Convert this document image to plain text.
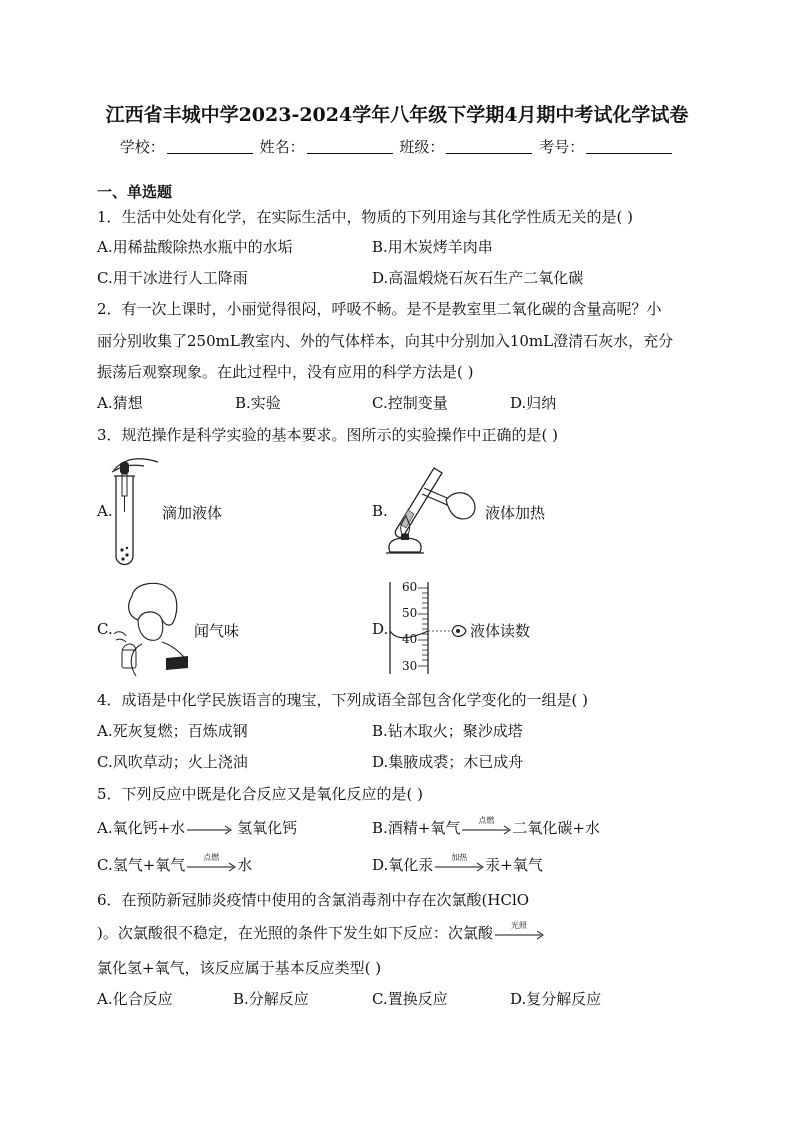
江西省丰城中学2023-2024学年八年级下学期4月期中考试化学试卷
学校：	姓名：	班级：	考号：
一、单选题
1．生活中处处有化学，在实际生活中，物质的下列用途与其化学性质无关的是( )
A.用稀盐酸除热水瓶中的水垢	B.用木炭烤羊肉串
C.用干冰进行人工降雨	D.高温煅烧石灰石生产二氧化碳
2．有一次上课时，小丽觉得很闷，呼吸不畅。是不是教室里二氧化碳的含量高呢？小
丽分别收集了250mL教室内、外的气体样本，向其中分别加入10mL澄清石灰水，充分
振荡后观察现象。在此过程中，没有应用的科学方法是( )
A.猜想	B.实验	C.控制变量	D.归纳
3．规范操作是科学实验的基本要求。图所示的实验操作中正确的是( )
A.	滴加液体	B.	液体加热
C.	闻气味	D.
60
50
40
30
液体读数
4．成语是中化学民族语言的瑰宝，下列成语全部包含化学变化的一组是( )
A.死灰复燃；百炼成钢	B.钻木取火；聚沙成塔
C.风吹草动；火上浇油	D.集腋成裘；木已成舟
5．下列反应中既是化合反应又是氧化反应的是( )
A.氧化钙+水→氢氧化钙	B.酒精+氧气	点燃	二氧化碳+水
C.氢气+氧气	点燃	水	D.氧化汞	加热	汞+氧气
6．在预防新冠肺炎疫情中使用的含氯消毒剂中存在次氯酸(HClO
)。次氯酸很不稳定，在光照的条件下发生如下反应：次氯酸	光照
氯化氢+氧气，该反应属于基本反应类型( )
A.化合反应	B.分解反应	C.置换反应	D.复分解反应
